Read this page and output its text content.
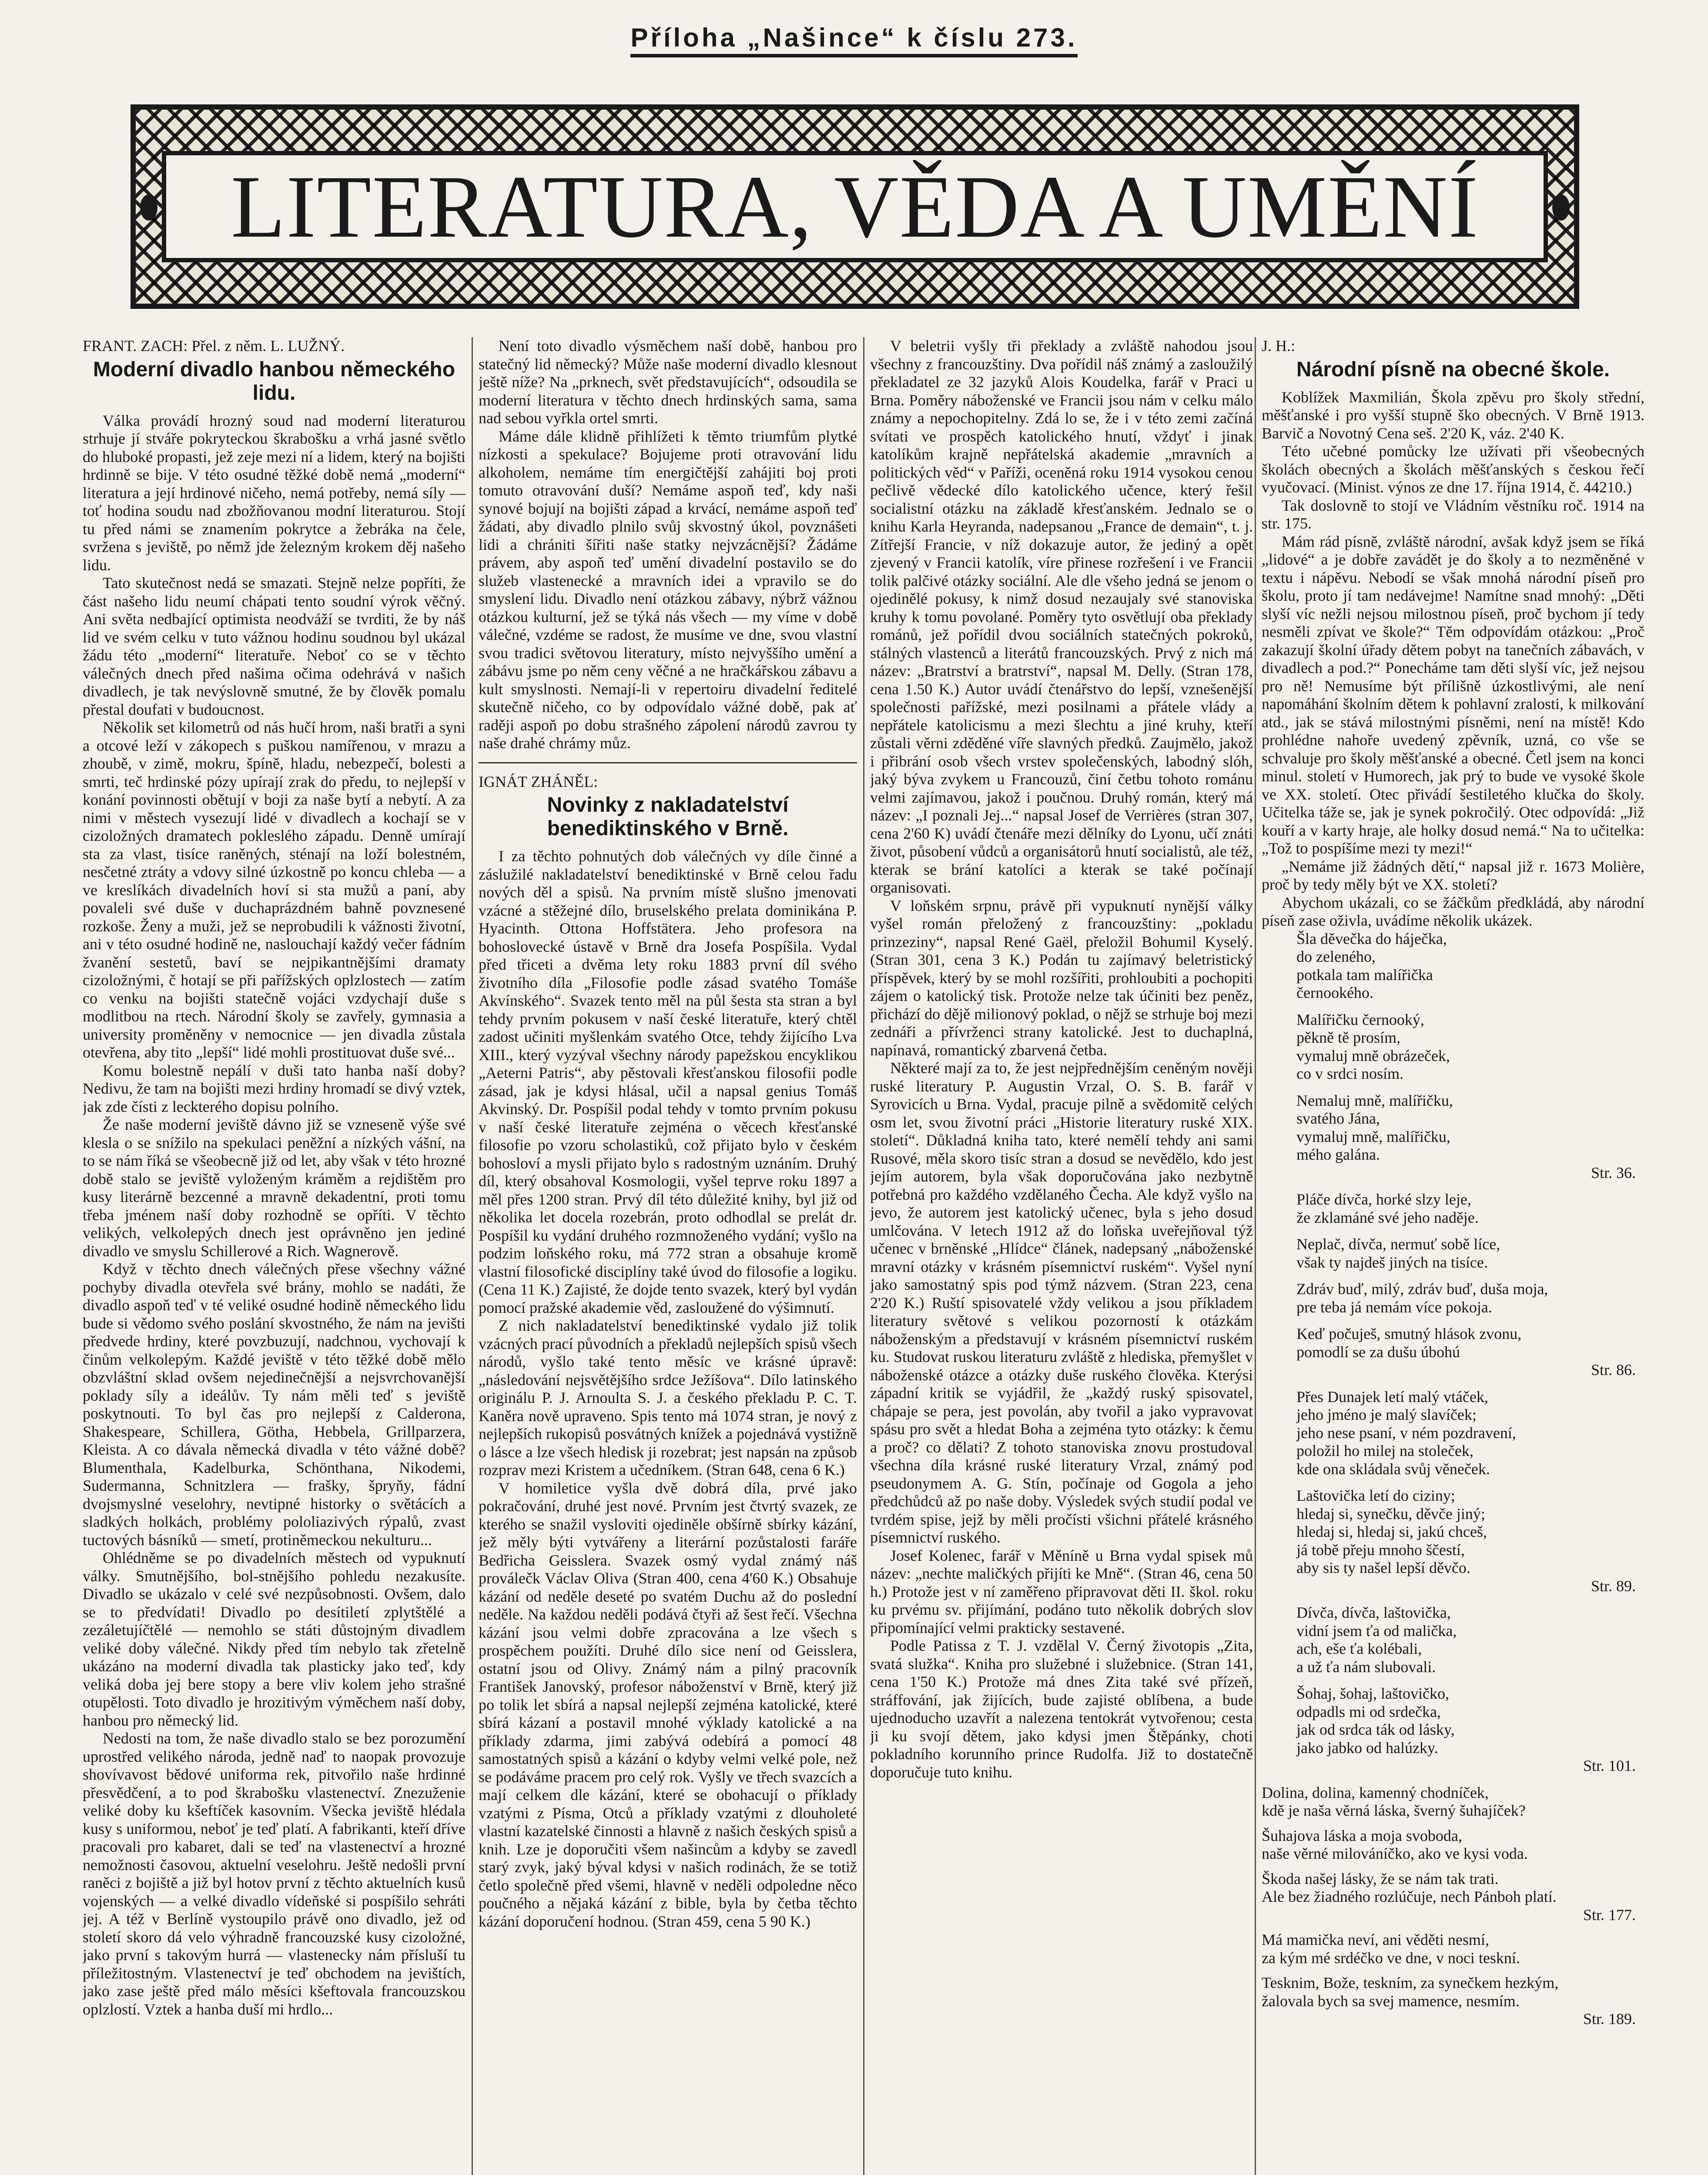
Příloha „Našince“ k číslu 273.
LITERATURA, VĚDA A UMĚNÍ
FRANT. ZACH: Přel. z něm. L. LUŽNÝ.
Moderní divadlo hanbou německého lidu.

Válka provádí hrozný soud nad moderní literaturou strhuje jí stváře pokryteckou škrabošku a vrhá jasné světlo do hluboké propasti, jež zeje mezi ní a lidem, který na bojišti hrdinně se bije. V této osudné těžké době nemá „moderní“ literatura a její hrdinové ničeho, nemá potřeby, nemá síly — toť hodina soudu nad zbožňovanou modní literaturou. Stojí tu před námi se znamením pokrytce a žebráka na čele, svržena s jeviště, po němž jde železným krokem děj našeho lidu.

Tato skutečnost nedá se smazati. Stejně nelze popříti, že část našeho lidu neumí chápati tento soudní výrok věčný. Ani světa nedbající optimista neodváží se tvrditi, že by náš lid ve svém celku v tuto vážnou hodinu soudnou byl ukázal žádu této „moderní“ literatuře. Neboť co se v těchto válečných dnech před našima očima odehrává v našich divadlech, je tak nevýslovně smutné, že by člověk pomalu přestal doufati v budoucnost.

Několik set kilometrů od nás hučí hrom, naši bratři a syni a otcové leží v zákopech s puškou namířenou, v mrazu a zhoubě, v zimě, mokru, špíně, hladu, nebezpečí, bolesti a smrti, teč hrdinské pózy upírají zrak do předu, to nejlepší v konání povinnosti obětují v boji za naše bytí a nebytí. A za nimi v městech vysezují lidé v divadlech a kochají se v cizoložných dramatech pokleslého západu. Denně umírají sta za vlast, tisíce raněných, sténají na loží bolestném, nesčetné ztráty a vdovy silné úzkostně po koncu chleba — a ve kreslíkách divadelních hoví si sta mužů a paní, aby povaleli své duše v duchaprázdném bahně povznesené rozkoše. Ženy a muži, jež se neprobudili k vážnosti životní, ani v této osudné hodině ne, naslouchají každý večer fádním žvanění sestetů, baví se nejpikantnějšími dramaty cizoložnými, č hotají se při pařížských oplzlostech — zatím co venku na bojišti statečně vojáci vzdychají duše s modlitbou na rtech. Národní školy se zavřely, gymnasia a university proměněny v nemocnice — jen divadla zůstala otevřena, aby tito „lepší“ lidé mohli prostituovat duše své...

Komu bolestně nepálí v duši tato hanba naší doby? Nedivu, že tam na bojišti mezi hrdiny hromadí se divý vztek, jak zde čísti z leckterého dopisu polního.

Že naše moderní jeviště dávno již se vzneseně výše své klesla o se snížilo na spekulaci peněžní a nízkých vášní, na to se nám říká se všeobecně již od let, aby však v této hrozné době stalo se jeviště vyloženým kráměm a rejdištěm pro kusy literárně bezcenné a mravně dekadentní, proti tomu třeba jménem naší doby rozhodně se opříti. V těchto velikých, velkolepých dnech jest oprávněno jen jediné divadlo ve smyslu Schillerové a Rich. Wagnerově.

Když v těchto dnech válečných přese všechny vážné pochyby divadla otevřela své brány, mohlo se nadáti, že divadlo aspoň teď v té veliké osudné hodině německého lidu bude si vědomo svého poslání skvostného, že nám na jevišti předvede hrdiny, které povzbuzují, nadchnou, vychovají k činům velkolepým. Každé jeviště v této těžké době mělo obzvláštní sklad ovšem nejedinečnější a nejsvrchovanější poklady síly a ideálův. Ty nám měli teď s jeviště poskytnouti. To byl čas pro nejlepší z Calderona, Shakespeare, Schillera, Götha, Hebbela, Grillparzera, Kleista. A co dávala německá divadla v této vážné době? Blumenthala, Kadelburka, Schönthana, Nikodemi, Sudermanna, Schnitzlera — frašky, špryňy, fádní dvojsmyslné veselohry, nevtipné historky o světácích a sladkých holkách, problémy pololiazivých rýpalů, zvast tuctových básníků — smetí, protiněmeckou nekulturu...

Ohlédněme se po divadelních městech od vypuknutí války. Smutnějšího, bol-stnějšího pohledu nezakusíte. Divadlo se ukázalo v celé své nezpůsobnosti. Ovšem, dalo se to předvídati! Divadlo po desítiletí zplytštělé a zezáletujíčtělé — nemohlo se státi důstojným divadlem veliké doby válečné. Nikdy před tím nebylo tak zřetelně ukázáno na moderní divadla tak plasticky jako teď, kdy veliká doba jej bere stopy a bere vliv kolem jeho strašné otupělosti. Toto divadlo je hrozitivým výměchem naší doby, hanbou pro německý lid.

Nedosti na tom, že naše divadlo stalo se bez porozumění uprostřed velikého národa, jedně naď to naopak provozuje shovívavost bědové uniforma rek, pitvořilo naše hrdinné přesvědčení, a to pod škrabošku vlastenectví. Znezuženie veliké doby ku kšeftíček kasovním. Všecka jeviště hlédala kusy s uniformou, neboť je teď platí. A fabrikanti, kteří dříve pracovali pro kabaret, dali se teď na vlastenectví a hrozné nemožnosti časovou, aktuelní veselohru. Ještě nedošli první raněci z bojiště a již byl hotov první z těchto aktuelních kusů vojenských — a velké divadlo vídeňské si pospíšilo sehráti jej. A též v Berlíně vystoupilo právě ono divadlo, jež od století skoro dá velo výhradně francouzské kusy cizoložné, jako první s takovým hurrá — vlastenecky nám přísluší tu příležitostným. Vlastenectví je teď obchodem na jevištích, jako zase ještě před málo měsíci kšeftovala francouzskou oplzlostí. Vztek a hanba duší mi hrdlo...

Není toto divadlo výsměchem naší době, hanbou pro statečný lid německý? Může naše moderní divadlo klesnout ještě níže? Na „prknech, svět představujících“, odsoudila se moderní literatura v těchto dnech hrdinských sama, sama nad sebou vyřkla ortel smrti.

Máme dále klidně přihlížeti k těmto triumfům plytké nízkosti a spekulace? Bojujeme proti otravování lidu alkoholem, nemáme tím energičtější zahájiti boj proti tomuto otravování duší? Nemáme aspoň teď, kdy naši synové bojují na bojišti západ a krvácí, nemáme aspoň teď žádati, aby divadlo plnilo svůj skvostný úkol, povznášeti lidi a chrániti šířiti naše statky nejvzácnější? Žádáme právem, aby aspoň teď umění divadelní postavilo se do služeb vlastenecké a mravních idei a vpravilo se do smyslení lidu. Divadlo není otázkou zábavy, nýbrž vážnou otázkou kulturní, jež se týká nás všech — my víme v době válečné, vzdéme se radost, že musíme ve dne, svou vlastní svou tradici světovou literatury, místo nejvyššího umění a zábávu jsme po něm ceny věčné a ne hračkářskou zábavu a kult smyslnosti. Nemají-li v repertoiru divadelní ředitelé skutečně ničeho, co by odpovídalo vážné době, pak ať raději aspoň po dobu strašného zápolení národů zavrou ty naše drahé chrámy můz.

IGNÁT ZHÁNĚL:
Novinky z nakladatelství benediktinského v Brně.

I za těchto pohnutých dob válečných vy díle činné a záslužilé nakladatelství benediktinské v Brně celou řadu nových děl a spisů. Na prvním místě slušno jmenovati vzácné a stěžejné dílo, bruselského prelata dominikána P. Hyacinth. Ottona Hoffstätera. Jeho profesora na bohoslovecké ústavě v Brně dra Josefa Pospíšila. Vydal před třiceti a dvěma lety roku 1883 první díl svého životního díla „Filosofie podle zásad svatého Tomáše Akvínského“. Svazek tento měl na půl šesta sta stran a byl tehdy prvním pokusem v naší české literatuře, který chtěl zadost učiniti myšlenkám svatého Otce, tehdy žijícího Lva XIII., který vyzýval všechny národy papežskou encyklikou „Aeterni Patris“, aby pěstovali křesťanskou filosofii podle zásad, jak je kdysi hlásal, učil a napsal genius Tomáš Akvinský. Dr. Pospíšil podal tehdy v tomto prvním pokusu v naší české literatuře zejména o věcech křesťanské filosofie po vzoru scholastiků, což přijato bylo v českém bohosloví a mysli přijato bylo s radostným uznáním. Druhý díl, který obsahoval Kosmologii, vyšel teprve roku 1897 a měl přes 1200 stran. Prvý díl této důležité knihy, byl již od několika let docela rozebrán, proto odhodlal se prelát dr. Pospíšil ku vydání druhého rozmnoženého vydání; vyšlo na podzim loňského roku, má 772 stran a obsahuje kromě vlastní filosofické disciplíny také úvod do filosofie a logiku. (Cena 11 K.) Zajisté, že dojde tento svazek, který byl vydán pomocí pražské akademie věd, zasloužené do výšimnutí.

Z nich nakladatelství benediktinské vydalo již tolik vzácných prací původních a překladů nejlepších spisů všech národů, vyšlo také tento měsíc ve krásné úpravě: „následování nejsvětějšího srdce Ježíšova“. Dílo latinského originálu P. J. Arnoulta S. J. a českého překladu P. C. T. Kaněra nově upraveno. Spis tento má 1074 stran, je nový z nejlepších rukopisů posvátných knížek a pojednává vystižně o lásce a lze všech hledisk ji rozebrat; jest napsán na způsob rozprav mezi Kristem a učedníkem. (Stran 648, cena 6 K.)

V homiletice vyšla dvě dobrá díla, prvé jako pokračování, druhé jest nové. Prvním jest čtvrtý svazek, ze kterého se snažil vysloviti ojediněle obšírně sbírky kázání, jež měly býti vytvářeny a literární pozůstalosti faráře Bedřicha Geisslera. Svazek osmý vydal známý náš proválečk Václav Oliva (Stran 400, cena 4'60 K.) Obsahuje kázání od neděle deseté po svatém Duchu až do poslední neděle. Na každou neděli podává čtyři až šest řečí. Všechna kázání jsou velmi dobře zpracována a lze všech s prospěchem použíti. Druhé dílo sice není od Geisslera, ostatní jsou od Olivy. Známý nám a pilný pracovník František Janovský, profesor náboženství v Brně, který již po tolik let sbírá a napsal nejlepší zejména katolické, které sbírá kázaní a postavil mnohé výklady katolické a na příklady zdarma, jimi zabývá odebírá a pomocí 48 samostatných spisů a kázání o kdyby velmi velké pole, než se podáváme pracem pro celý rok. Vyšly ve třech svazcích a mají celkem dle kázání, které se obohacují o příklady vzatými z Písma, Otců a příklady vzatými z dlouholeté vlastní kazatelské činnosti a hlavně z našich českých spisů a knih. Lze je doporučiti všem našincům a kdyby se zavedl starý zvyk, jaký býval kdysi v našich rodinách, že se totiž četlo společně před všemi, hlavně v neděli odpoledne něco poučného a nějaká kázání z bible, byla by četba těchto kázání doporučení hodnou. (Stran 459, cena 5 90 K.)

V beletrii vyšly tři překlady a zvláště nahodou jsou všechny z francouzštiny. Dva pořídil náš známý a zasloužilý překladatel ze 32 jazyků Alois Koudelka, farář v Praci u Brna. Poměry náboženské ve Francii jsou nám v celku málo známy a nepochopitelny. Zdá lo se, že i v této zemi začíná svítati ve prospěch katolického hnutí, vždyť i jinak katolíkům krajně nepřátelská akademie „mravních a politických věd“ v Paříži, oceněná roku 1914 vysokou cenou pečlivě vědecké dílo katolického učence, který řešil socialistní otázku na základě křesťanském. Jednalo se o knihu Karla Heyranda, nadepsanou „France de demain“, t. j. Zítřejší Francie, v níž dokazuje autor, že jediný a opět zjevený v Francii katolík, víre přinese rozřešení i ve Francii tolik palčivé otázky sociální. Ale dle všeho jedná se jenom o ojedinělé pokusy, k nimž dosud nezaujaly své stanoviska kruhy k tomu povolané. Poměry tyto osvětlují oba překlady románů, jež pořídil dvou sociálních statečných pokroků, stálných vlastenců a literátů francouzských. Prvý z nich má název: „Bratrství a bratrství“, napsal M. Delly. (Stran 178, cena 1.50 K.) Autor uvádí čtenářstvo do lepší, vznešenější společnosti pařížské, mezi posilnami a přátele vlády a nepřátele katolicismu a mezi šlechtu a jiné kruhy, kteří zůstali věrni zděděné víře slavných předků. Zaujmělo, jakož i přibrání osob všech vrstev společenských, labodný slóh, jaký býva zvykem u Francouzů, činí četbu tohoto románu velmi zajímavou, jakož i poučnou. Druhý román, který má název: „I poznali Jej...“ napsal Josef de Verrières (stran 307, cena 2'60 K) uvádí čtenáře mezi dělníky do Lyonu, učí znáti život, působení vůdců a organisátorů hnutí socialistů, ale též, kterak se brání katolíci a kterak se také počínají organisovati.

V loňském srpnu, právě při vypuknutí nynější války vyšel román přeložený z francouzštiny: „pokladu prinzeziny“, napsal René Gaël, přeložil Bohumil Kyselý. (Stran 301, cena 3 K.) Podán tu zajímavý beletristický příspěvek, který by se mohl rozšířiti, prohloubiti a pochopiti zájem o katolický tisk. Protože nelze tak účiniti bez peněz, přichází do dějě milionový poklad, o nějž se strhuje boj mezi zednáři a přívrženci strany katolické. Jest to duchaplná, napínavá, romantický zbarvená četba.

Některé mají za to, že jest nejpřednějším ceněným nověji ruské literatury P. Augustin Vrzal, O. S. B. farář v Syrovicích u Brna. Vydal, pracuje pilně a svědomitě celých osm let, svou životní práci „Historie literatury ruské XIX. století“. Důkladná kniha tato, které nemělí tehdy ani sami Rusové, měla skoro tisíc stran a dosud se nevědělo, kdo jest jejím autorem, byla však doporučována jako nezbytně potřebná pro každého vzdělaného Čecha. Ale když vyšlo na jevo, že autorem jest katolický učenec, byla s jeho dosud umlčována. V letech 1912 až do loňska uveřejňoval týž učenec v brněnské „Hlídce“ článek, nadepsaný „náboženské mravní otázky v krásném písemnictví ruském“. Vyšel nyní jako samostatný spis pod týmž názvem. (Stran 223, cena 2'20 K.) Ruští spisovatelé vždy velikou a jsou příkladem literatury světové s velikou pozorností k otázkám náboženským a představují v krásném písemnictví ruském ku. Studovat ruskou literaturu zvláště z hlediska, přemyšlet v náboženské otázce a otázky duše ruského člověka. Kterýsi západní kritik se vyjádřil, že „každý ruský spisovatel, chápaje se pera, jest povolán, aby tvořil a jako vypravovat spásu pro svět a hledat Boha a zejména tyto otázky: k čemu a proč? co dělati? Z tohoto stanoviska znovu prostudoval všechna díla krásné ruské literatury Vrzal, známý pod pseudonymem A. G. Stín, počínaje od Gogola a jeho předchůdců až po naše doby. Výsledek svých studií podal ve tvrdém spise, jejž by měli pročísti všichni přátelé krásného písemnictví ruského.

Josef Kolenec, farář v Měníně u Brna vydal spisek mů název: „nechte maličkých přijíti ke Mně“. (Stran 46, cena 50 h.) Protože jest v ní zaměřeno připravovat děti II. škol. roku ku prvému sv. přijímání, podáno tuto několik dobrých slov připomínající velmi prakticky sestavené.

Podle Patissa z T. J. vzdělal V. Černý životopis „Zita, svatá služka“. Kniha pro služebné i služebnice. (Stran 141, cena 1'50 K.) Protože má dnes Zita také své přízeň, stráffování, jak žijících, bude zajisté oblíbena, a bude ujednoducho uzavřít a nalezena tentokrát vytvořenou; cesta ji ku svojí dětem, jako kdysi jmen Štěpánky, choti pokladního korunního prince Rudolfa. Již to dostatečně doporučuje tuto knihu.

J. H.:
Národní písně na obecné škole.

Koblížek Maxmilián, Škola zpěvu pro školy střední, měšťanské i pro vyšší stupně ško obecných. V Brně 1913. Barvič a Novotný Cena seš. 2'20 K, váz. 2'40 K.

Této učebné pomůcky lze užívati při všeobecných školách obecných a školách měšťanských s českou řečí vyučovací. (Minist. výnos ze dne 17. října 1914, č. 44210.)

Tak doslovně to stojí ve Vládním věstníku roč. 1914 na str. 175.

Mám rád písně, zvláště národní, avšak když jsem se říká „lidové“ a je dobře zavádět je do školy a to nezměněné v textu i nápěvu. Nebodí se však mnohá národní píseň pro školu, proto jí tam nedávejme! Namítne snad mnohý: „Děti slyší víc nežli nejsou milostnou píseň, proč bychom jí tedy nesměli zpívat ve škole?“ Těm odpovídám otázkou: „Proč zakazují školní úřady dětem pobyt na tanečních zábavách, v divadlech a pod.?“ Ponecháme tam děti slyší víc, jež nejsou pro ně! Nemusíme být přílišně úzkostlivými, ale není napomáhání školním dětem k pohlavní zralosti, k milkování atd., jak se stává milostnými písněmi, není na místě! Kdo prohlédne nahoře uvedený zpěvník, uzná, co vše se schvaluje pro školy měšťanské a obecné. Četl jsem na konci minul. století v Humorech, jak prý to bude ve vysoké škole ve XX. století. Otec přivádí šestiletého klučka do školy. Učitelka táže se, jak je synek pokročilý. Otec odpovídá: „Již kouří a v karty hraje, ale holky dosud nemá.“ Na to učitelka: „Tož to pospíšíme mezi ty mezi!“

„Nemáme již žádných dětí,“ napsal již r. 1673 Molière, proč by tedy měly být ve XX. století?

Abychom ukázali, co se žáčkům předkládá, aby národní píseň zase oživla, uvádíme několik ukázek.

Šla děvečka do háječka,
do zeleného,
potkala tam malířička
černookého.
Malířičku černooký,
pěkně tě prosím,
vymaluj mně obrázeček,
co v srdci nosím.
Nemaluj mně, malířičku,
svatého Jána,
vymaluj mně, malířičku,
mého galána.
Str. 36.
Pláče dívča, horké slzy leje,
že zklamáné své jeho naděje.
Neplač, dívča, nermuť sobě líce,
však ty najdeš jiných na tisíce.
Zdráv buď, milý, zdráv buď, duša moja,
pre teba já nemám více pokoja.
Keď počuješ, smutný hlások zvonu,
pomodlí se za dušu úbohú
Str. 86.
Přes Dunajek letí malý vtáček,
jeho jméno je malý slavíček;
jeho nese psaní, v ném pozdravení,
položil ho milej na stoleček,
kde ona skládala svůj věneček.
Laštovička letí do ciziny;
hledaj si, synečku, děvče jiný;
hledaj si, hledaj si, jakú chceš,
já tobě přeju mnoho ščestí,
aby sis ty našel lepší děvčo.
Str. 89.
Dívča, dívča, laštovička,
vidní jsem ťa od malička,
ach, eše ťa kolébali,
a už ťa nám slubovali.
Šohaj, šohaj, laštovičko,
odpadls mi od srdečka,
jak od srdca ták od lásky,
jako jabko od halúzky.
Str. 101.
Dolina, dolina, kamenný chodníček,
kdě je naša věrná láska, šverný šuhajíček?
Šuhajova láska a moja svoboda,
naše věrné milováníčko, ako ve kysi voda.
Škoda našej lásky, že se nám tak trati.
Ale bez žiadného rozlúčuje, nech Pánboh platí.
Str. 177.
Má mamička neví, ani věděti nesmí,
za kým mé srdéčko ve dne, v noci teskní.
Tesknim, Bože, teskním, za synečkem hezkým,
žalovala bych sa svej mamence, nesmím.
Str. 189.
